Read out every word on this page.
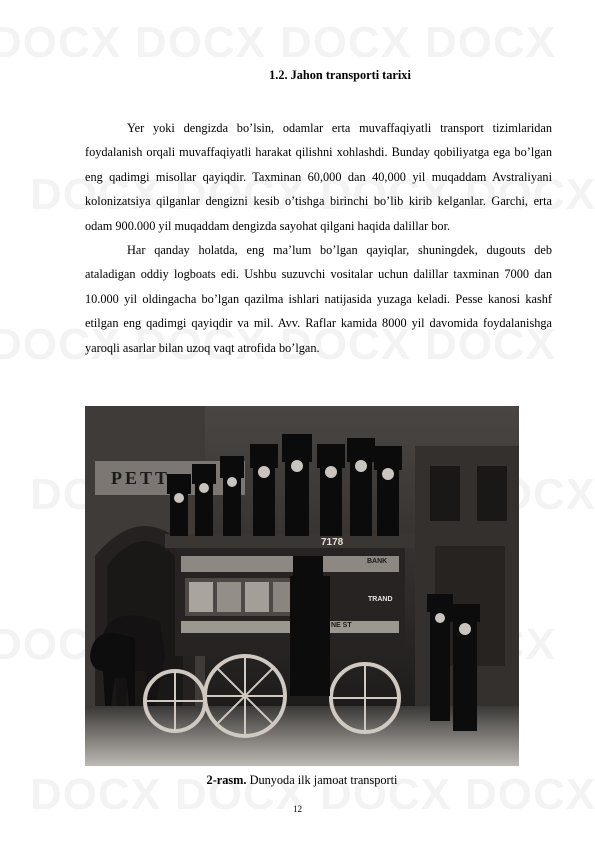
1.2. Jahon transporti tarixi

Yer yoki dengizda bo’lsin, odamlar erta muvaffaqiyatli transport tizimlaridan foydalanish orqali muvaffaqiyatli harakat qilishni xohlashdi. Bunday qobiliyatga ega bo’lgan eng qadimgi misollar qayiqdir. Taxminan 60,000 dan 40,000 yil muqaddam Avstraliyani kolonizatsiya qilganlar dengizni kesib o’tishga birinchi bo’lib kirib kelganlar. Garchi, erta odam 900.000 yil muqaddam dengizda sayohat qilgani haqida dalillar bor.

Har qanday holatda, eng ma’lum bo’lgan qayiqlar, shuningdek, dugouts deb ataladigan oddiy logboats edi. Ushbu suzuvchi vositalar uchun dalillar taxminan 7000 dan 10.000 yil oldingacha bo’lgan qazilma ishlari natijasida yuzaga keladi. Pesse kanosi kashf etilgan eng qadimgi qayiqdir va mil. Avv. Raflar kamida 8000 yil davomida foydalanishga yaroqli asarlar bilan uzoq vaqt atrofida bo’lgan.

PETT
7178
BANK
TRAND
NE ST
2-rasm. Dunyoda ilk jamoat transporti
12
